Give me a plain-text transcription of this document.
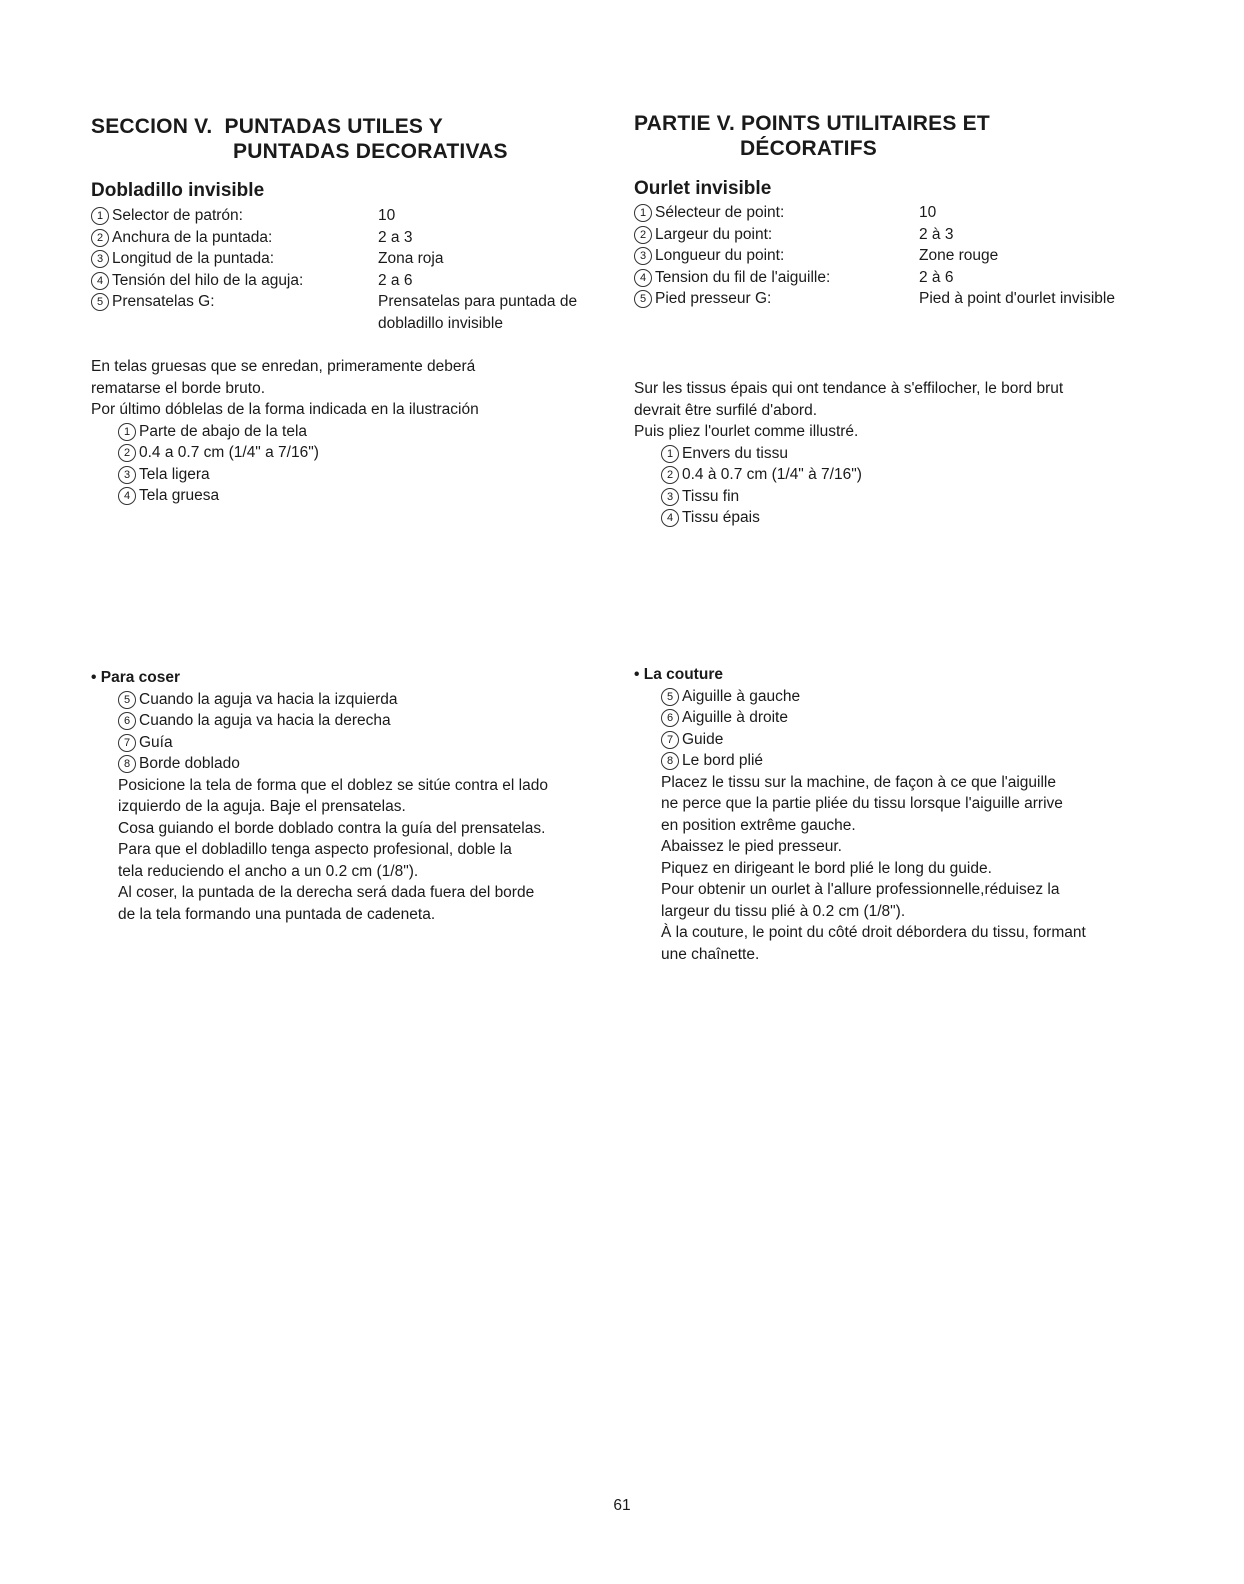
SECCION V.  PUNTADAS UTILES Y
PUNTADAS DECORATIVAS
Dobladillo invisible
1 Selector de patrón:	10
2 Anchura de la puntada:	2 a 3
3 Longitud de la puntada:	Zona roja
4 Tensión del hilo de la aguja:	2 a 6
5 Prensatelas G:	Prensatelas para puntada de
dobladillo invisible
En telas gruesas que se enredan, primeramente deberá
rematarse el borde bruto.
Por último dóblelas de la forma indicada en la ilustración
1 Parte de abajo de la tela
2 0.4 a 0.7 cm (1/4" a 7/16")
3 Tela ligera
4 Tela gruesa
• Para coser
5 Cuando la aguja va hacia la izquierda
6 Cuando la aguja va hacia la derecha
7 Guía
8 Borde doblado
Posicione la tela de forma que el doblez se sitúe contra el lado
izquierdo de la aguja. Baje el prensatelas.
Cosa guiando el borde doblado contra la guía del prensatelas.
Para que el dobladillo tenga aspecto profesional, doble la
tela reduciendo el ancho a un 0.2 cm (1/8").
Al coser, la puntada de la derecha será dada fuera del borde
de la tela formando una puntada de cadeneta.
PARTIE V. POINTS UTILITAIRES ET
DÉCORATIFS
Ourlet invisible
1 Sélecteur de point:	10
2 Largeur du point:	2 à 3
3 Longueur du point:	Zone rouge
4 Tension du fil de l'aiguille:	2 à 6
5 Pied presseur G:	Pied à point d'ourlet invisible
Sur les tissus épais qui ont tendance à s'effilocher, le bord brut
devrait être surfilé d'abord.
Puis pliez l'ourlet comme illustré.
1 Envers du tissu
2 0.4 à 0.7 cm (1/4" à 7/16")
3 Tissu fin
4 Tissu épais
• La couture
5 Aiguille à gauche
6 Aiguille à droite
7 Guide
8 Le bord plié
Placez le tissu sur la machine, de façon à ce que l'aiguille
ne perce que la partie pliée du tissu lorsque l'aiguille arrive
en position extrême gauche.
Abaissez le pied presseur.
Piquez en dirigeant le bord plié le long du guide.
Pour obtenir un ourlet à l'allure professionnelle,réduisez la
largeur du tissu plié à 0.2 cm (1/8").
À la couture, le point du côté droit débordera du tissu, formant
une chaînette.
61
